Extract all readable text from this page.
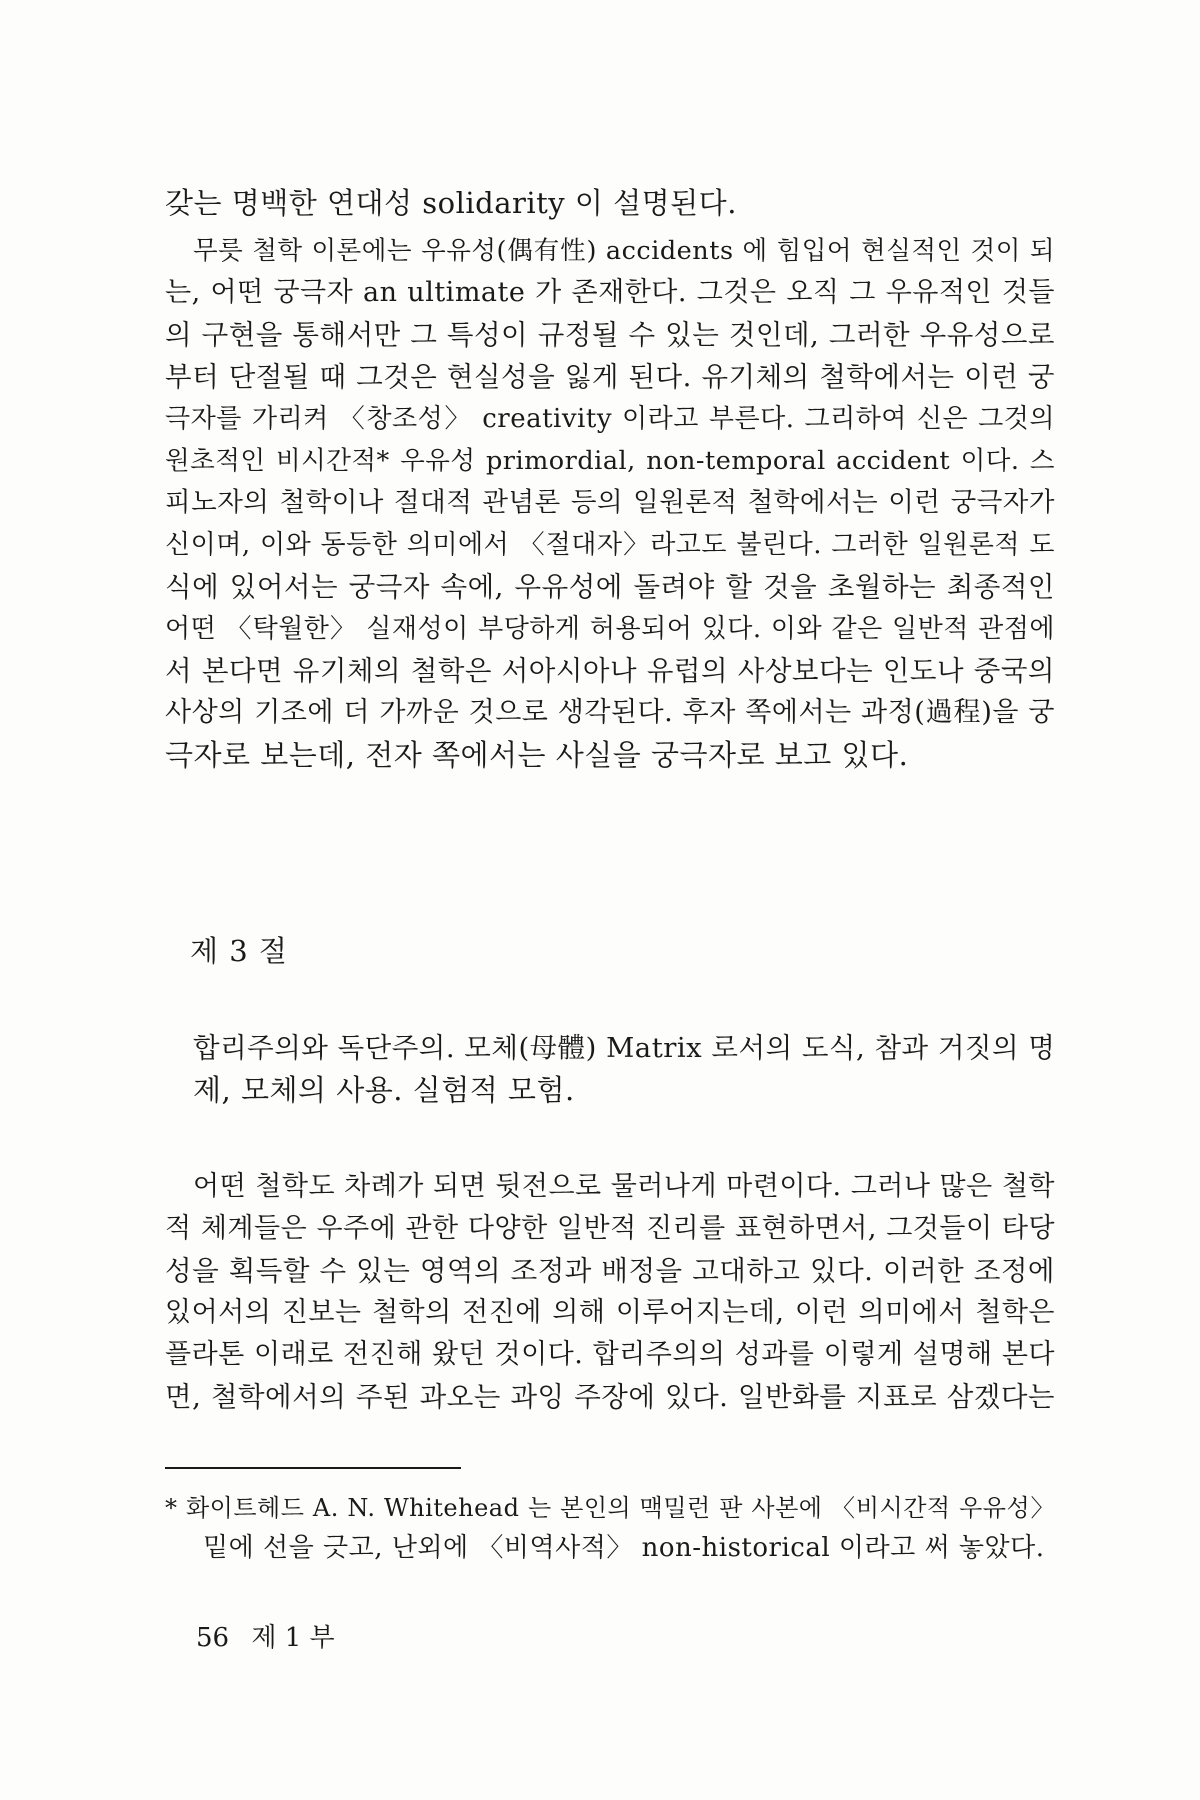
갖는 명백한 연대성 solidarity 이 설명된다.
무릇 철학 이론에는 우유성(偶有性) accidents 에 힘입어 현실적인 것이 되
는, 어떤 궁극자 an ultimate 가 존재한다. 그것은 오직 그 우유적인 것들
의 구현을 통해서만 그 특성이 규정될 수 있는 것인데, 그러한 우유성으로
부터 단절될 때 그것은 현실성을 잃게 된다. 유기체의 철학에서는 이런 궁
극자를 가리켜 〈창조성〉 creativity 이라고 부른다. 그리하여 신은 그것의
원초적인 비시간적* 우유성 primordial, non-temporal accident 이다. 스
피노자의 철학이나 절대적 관념론 등의 일원론적 철학에서는 이런 궁극자가
신이며, 이와 동등한 의미에서 〈절대자〉라고도 불린다. 그러한 일원론적 도
식에 있어서는 궁극자 속에, 우유성에 돌려야 할 것을 초월하는 최종적인
어떤 〈탁월한〉 실재성이 부당하게 허용되어 있다. 이와 같은 일반적 관점에
서 본다면 유기체의 철학은 서아시아나 유럽의 사상보다는 인도나 중국의
사상의 기조에 더 가까운 것으로 생각된다. 후자 쪽에서는 과정(過程)을 궁
극자로 보는데, 전자 쪽에서는 사실을 궁극자로 보고 있다.
제 3 절
합리주의와 독단주의. 모체(母體) Matrix 로서의 도식, 참과 거짓의 명
제, 모체의 사용. 실험적 모험.
어떤 철학도 차례가 되면 뒷전으로 물러나게 마련이다. 그러나 많은 철학
적 체계들은 우주에 관한 다양한 일반적 진리를 표현하면서, 그것들이 타당
성을 획득할 수 있는 영역의 조정과 배정을 고대하고 있다. 이러한 조정에
있어서의 진보는 철학의 전진에 의해 이루어지는데, 이런 의미에서 철학은
플라톤 이래로 전진해 왔던 것이다. 합리주의의 성과를 이렇게 설명해 본다
면, 철학에서의 주된 과오는 과잉 주장에 있다. 일반화를 지표로 삼겠다는
* 화이트헤드 A. N. Whitehead 는 본인의 맥밀런 판 사본에 〈비시간적 우유성〉
밑에 선을 긋고, 난외에 〈비역사적〉 non-historical 이라고 써 놓았다.
56 제 1 부
